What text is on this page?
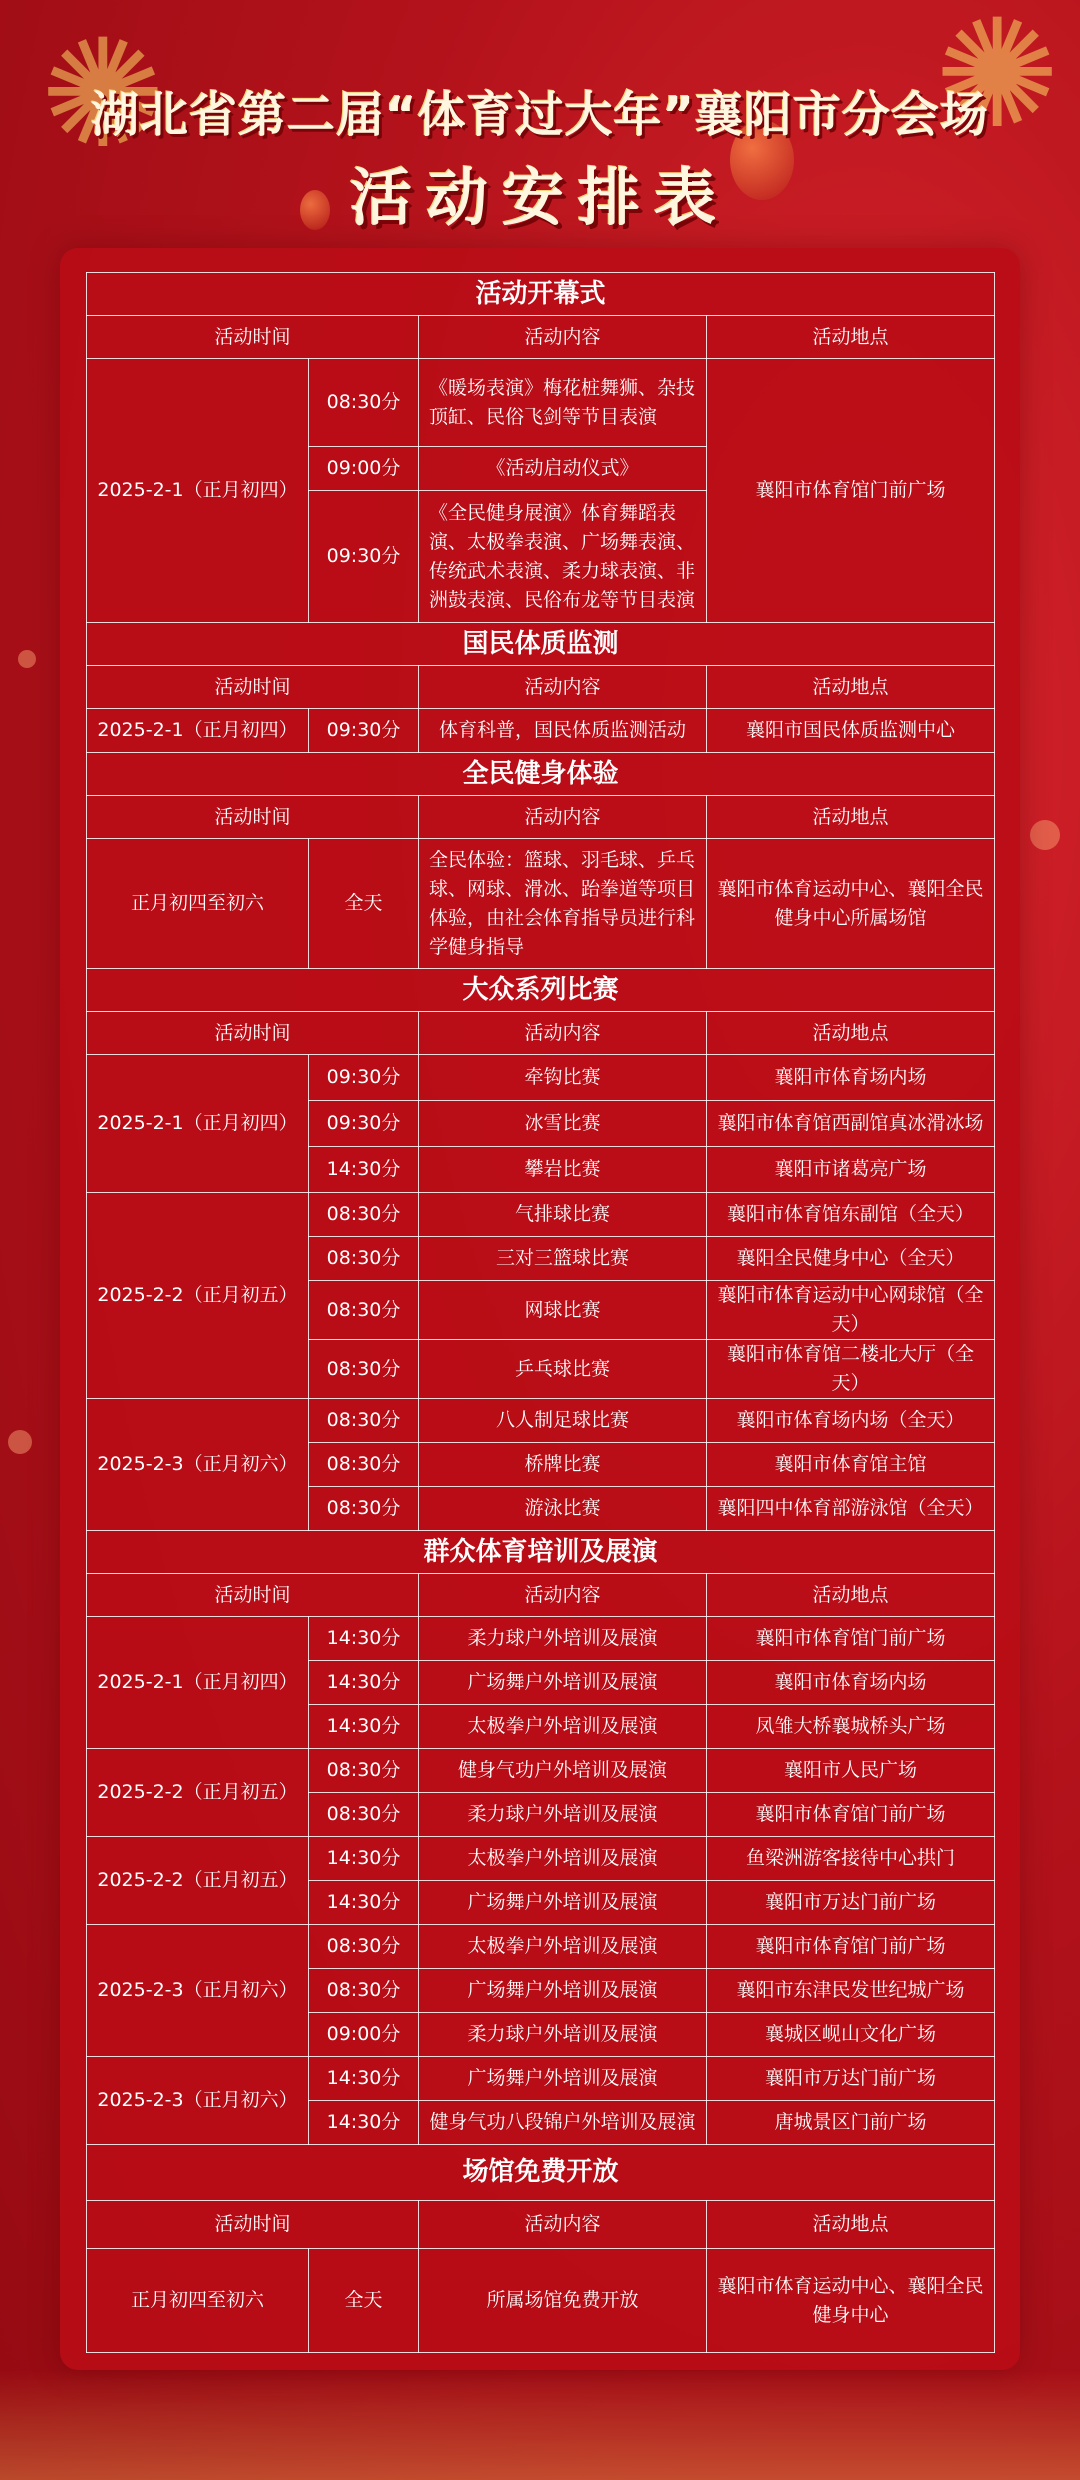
✺	✺
湖北省第二届“体育过大年”襄阳市分会场
活动安排表
活动开幕式			
活动时间		活动内容	活动地点
2025-2-1（正月初四）	08:30分	《暖场表演》梅花桩舞狮、杂技顶缸、民俗飞剑等节目表演	襄阳市体育馆门前广场
	09:00分	《活动启动仪式》	
	09:30分	《全民健身展演》体育舞蹈表演、太极拳表演、广场舞表演、传统武术表演、柔力球表演、非洲鼓表演、民俗布龙等节目表演	
国民体质监测			
活动时间		活动内容	活动地点
2025-2-1（正月初四）	09:30分	体育科普，国民体质监测活动	襄阳市国民体质监测中心
全民健身体验			
活动时间		活动内容	活动地点
正月初四至初六	全天	全民体验：篮球、羽毛球、乒乓球、网球、滑冰、跆拳道等项目体验，由社会体育指导员进行科学健身指导	襄阳市体育运动中心、襄阳全民健身中心所属场馆
大众系列比赛			
活动时间		活动内容	活动地点
2025-2-1（正月初四）	09:30分	牵钩比赛	襄阳市体育场内场
	09:30分	冰雪比赛	襄阳市体育馆西副馆真冰滑冰场
	14:30分	攀岩比赛	襄阳市诸葛亮广场
2025-2-2（正月初五）	08:30分	气排球比赛	襄阳市体育馆东副馆（全天）
	08:30分	三对三篮球比赛	襄阳全民健身中心（全天）
	08:30分	网球比赛	襄阳市体育运动中心网球馆（全天）
	08:30分	乒乓球比赛	襄阳市体育馆二楼北大厅（全天）
2025-2-3（正月初六）	08:30分	八人制足球比赛	襄阳市体育场内场（全天）
	08:30分	桥牌比赛	襄阳市体育馆主馆
	08:30分	游泳比赛	襄阳四中体育部游泳馆（全天）
群众体育培训及展演			
活动时间		活动内容	活动地点
2025-2-1（正月初四）	14:30分	柔力球户外培训及展演	襄阳市体育馆门前广场
	14:30分	广场舞户外培训及展演	襄阳市体育场内场
	14:30分	太极拳户外培训及展演	凤雏大桥襄城桥头广场
2025-2-2（正月初五）	08:30分	健身气功户外培训及展演	襄阳市人民广场
	08:30分	柔力球户外培训及展演	襄阳市体育馆门前广场
2025-2-2（正月初五）	14:30分	太极拳户外培训及展演	鱼梁洲游客接待中心拱门
	14:30分	广场舞户外培训及展演	襄阳市万达门前广场
2025-2-3（正月初六）	08:30分	太极拳户外培训及展演	襄阳市体育馆门前广场
	08:30分	广场舞户外培训及展演	襄阳市东津民发世纪城广场
	09:00分	柔力球户外培训及展演	襄城区岘山文化广场
2025-2-3（正月初六）	14:30分	广场舞户外培训及展演	襄阳市万达门前广场
	14:30分	健身气功八段锦户外培训及展演	唐城景区门前广场
场馆免费开放			
活动时间		活动内容	活动地点
正月初四至初六	全天	所属场馆免费开放	襄阳市体育运动中心、襄阳全民健身中心
